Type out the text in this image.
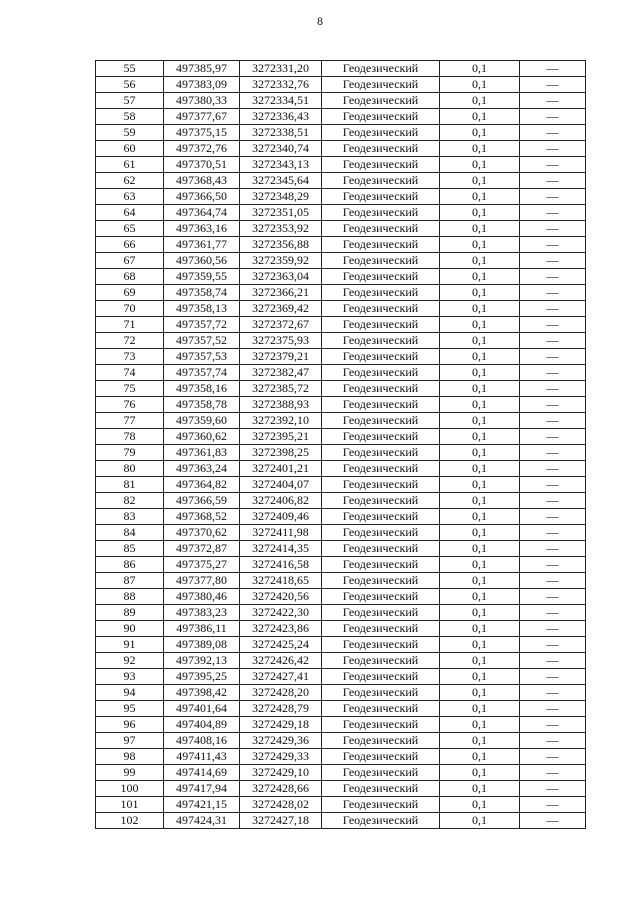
8
55	497385,97	3272331,20	Геодезический	0,1	—
56	497383,09	3272332,76	Геодезический	0,1	—
57	497380,33	3272334,51	Геодезический	0,1	—
58	497377,67	3272336,43	Геодезический	0,1	—
59	497375,15	3272338,51	Геодезический	0,1	—
60	497372,76	3272340,74	Геодезический	0,1	—
61	497370,51	3272343,13	Геодезический	0,1	—
62	497368,43	3272345,64	Геодезический	0,1	—
63	497366,50	3272348,29	Геодезический	0,1	—
64	497364,74	3272351,05	Геодезический	0,1	—
65	497363,16	3272353,92	Геодезический	0,1	—
66	497361,77	3272356,88	Геодезический	0,1	—
67	497360,56	3272359,92	Геодезический	0,1	—
68	497359,55	3272363,04	Геодезический	0,1	—
69	497358,74	3272366,21	Геодезический	0,1	—
70	497358,13	3272369,42	Геодезический	0,1	—
71	497357,72	3272372,67	Геодезический	0,1	—
72	497357,52	3272375,93	Геодезический	0,1	—
73	497357,53	3272379,21	Геодезический	0,1	—
74	497357,74	3272382,47	Геодезический	0,1	—
75	497358,16	3272385,72	Геодезический	0,1	—
76	497358,78	3272388,93	Геодезический	0,1	—
77	497359,60	3272392,10	Геодезический	0,1	—
78	497360,62	3272395,21	Геодезический	0,1	—
79	497361,83	3272398,25	Геодезический	0,1	—
80	497363,24	3272401,21	Геодезический	0,1	—
81	497364,82	3272404,07	Геодезический	0,1	—
82	497366,59	3272406,82	Геодезический	0,1	—
83	497368,52	3272409,46	Геодезический	0,1	—
84	497370,62	3272411,98	Геодезический	0,1	—
85	497372,87	3272414,35	Геодезический	0,1	—
86	497375,27	3272416,58	Геодезический	0,1	—
87	497377,80	3272418,65	Геодезический	0,1	—
88	497380,46	3272420,56	Геодезический	0,1	—
89	497383,23	3272422,30	Геодезический	0,1	—
90	497386,11	3272423,86	Геодезический	0,1	—
91	497389,08	3272425,24	Геодезический	0,1	—
92	497392,13	3272426,42	Геодезический	0,1	—
93	497395,25	3272427,41	Геодезический	0,1	—
94	497398,42	3272428,20	Геодезический	0,1	—
95	497401,64	3272428,79	Геодезический	0,1	—
96	497404,89	3272429,18	Геодезический	0,1	—
97	497408,16	3272429,36	Геодезический	0,1	—
98	497411,43	3272429,33	Геодезический	0,1	—
99	497414,69	3272429,10	Геодезический	0,1	—
100	497417,94	3272428,66	Геодезический	0,1	—
101	497421,15	3272428,02	Геодезический	0,1	—
102	497424,31	3272427,18	Геодезический	0,1	—
